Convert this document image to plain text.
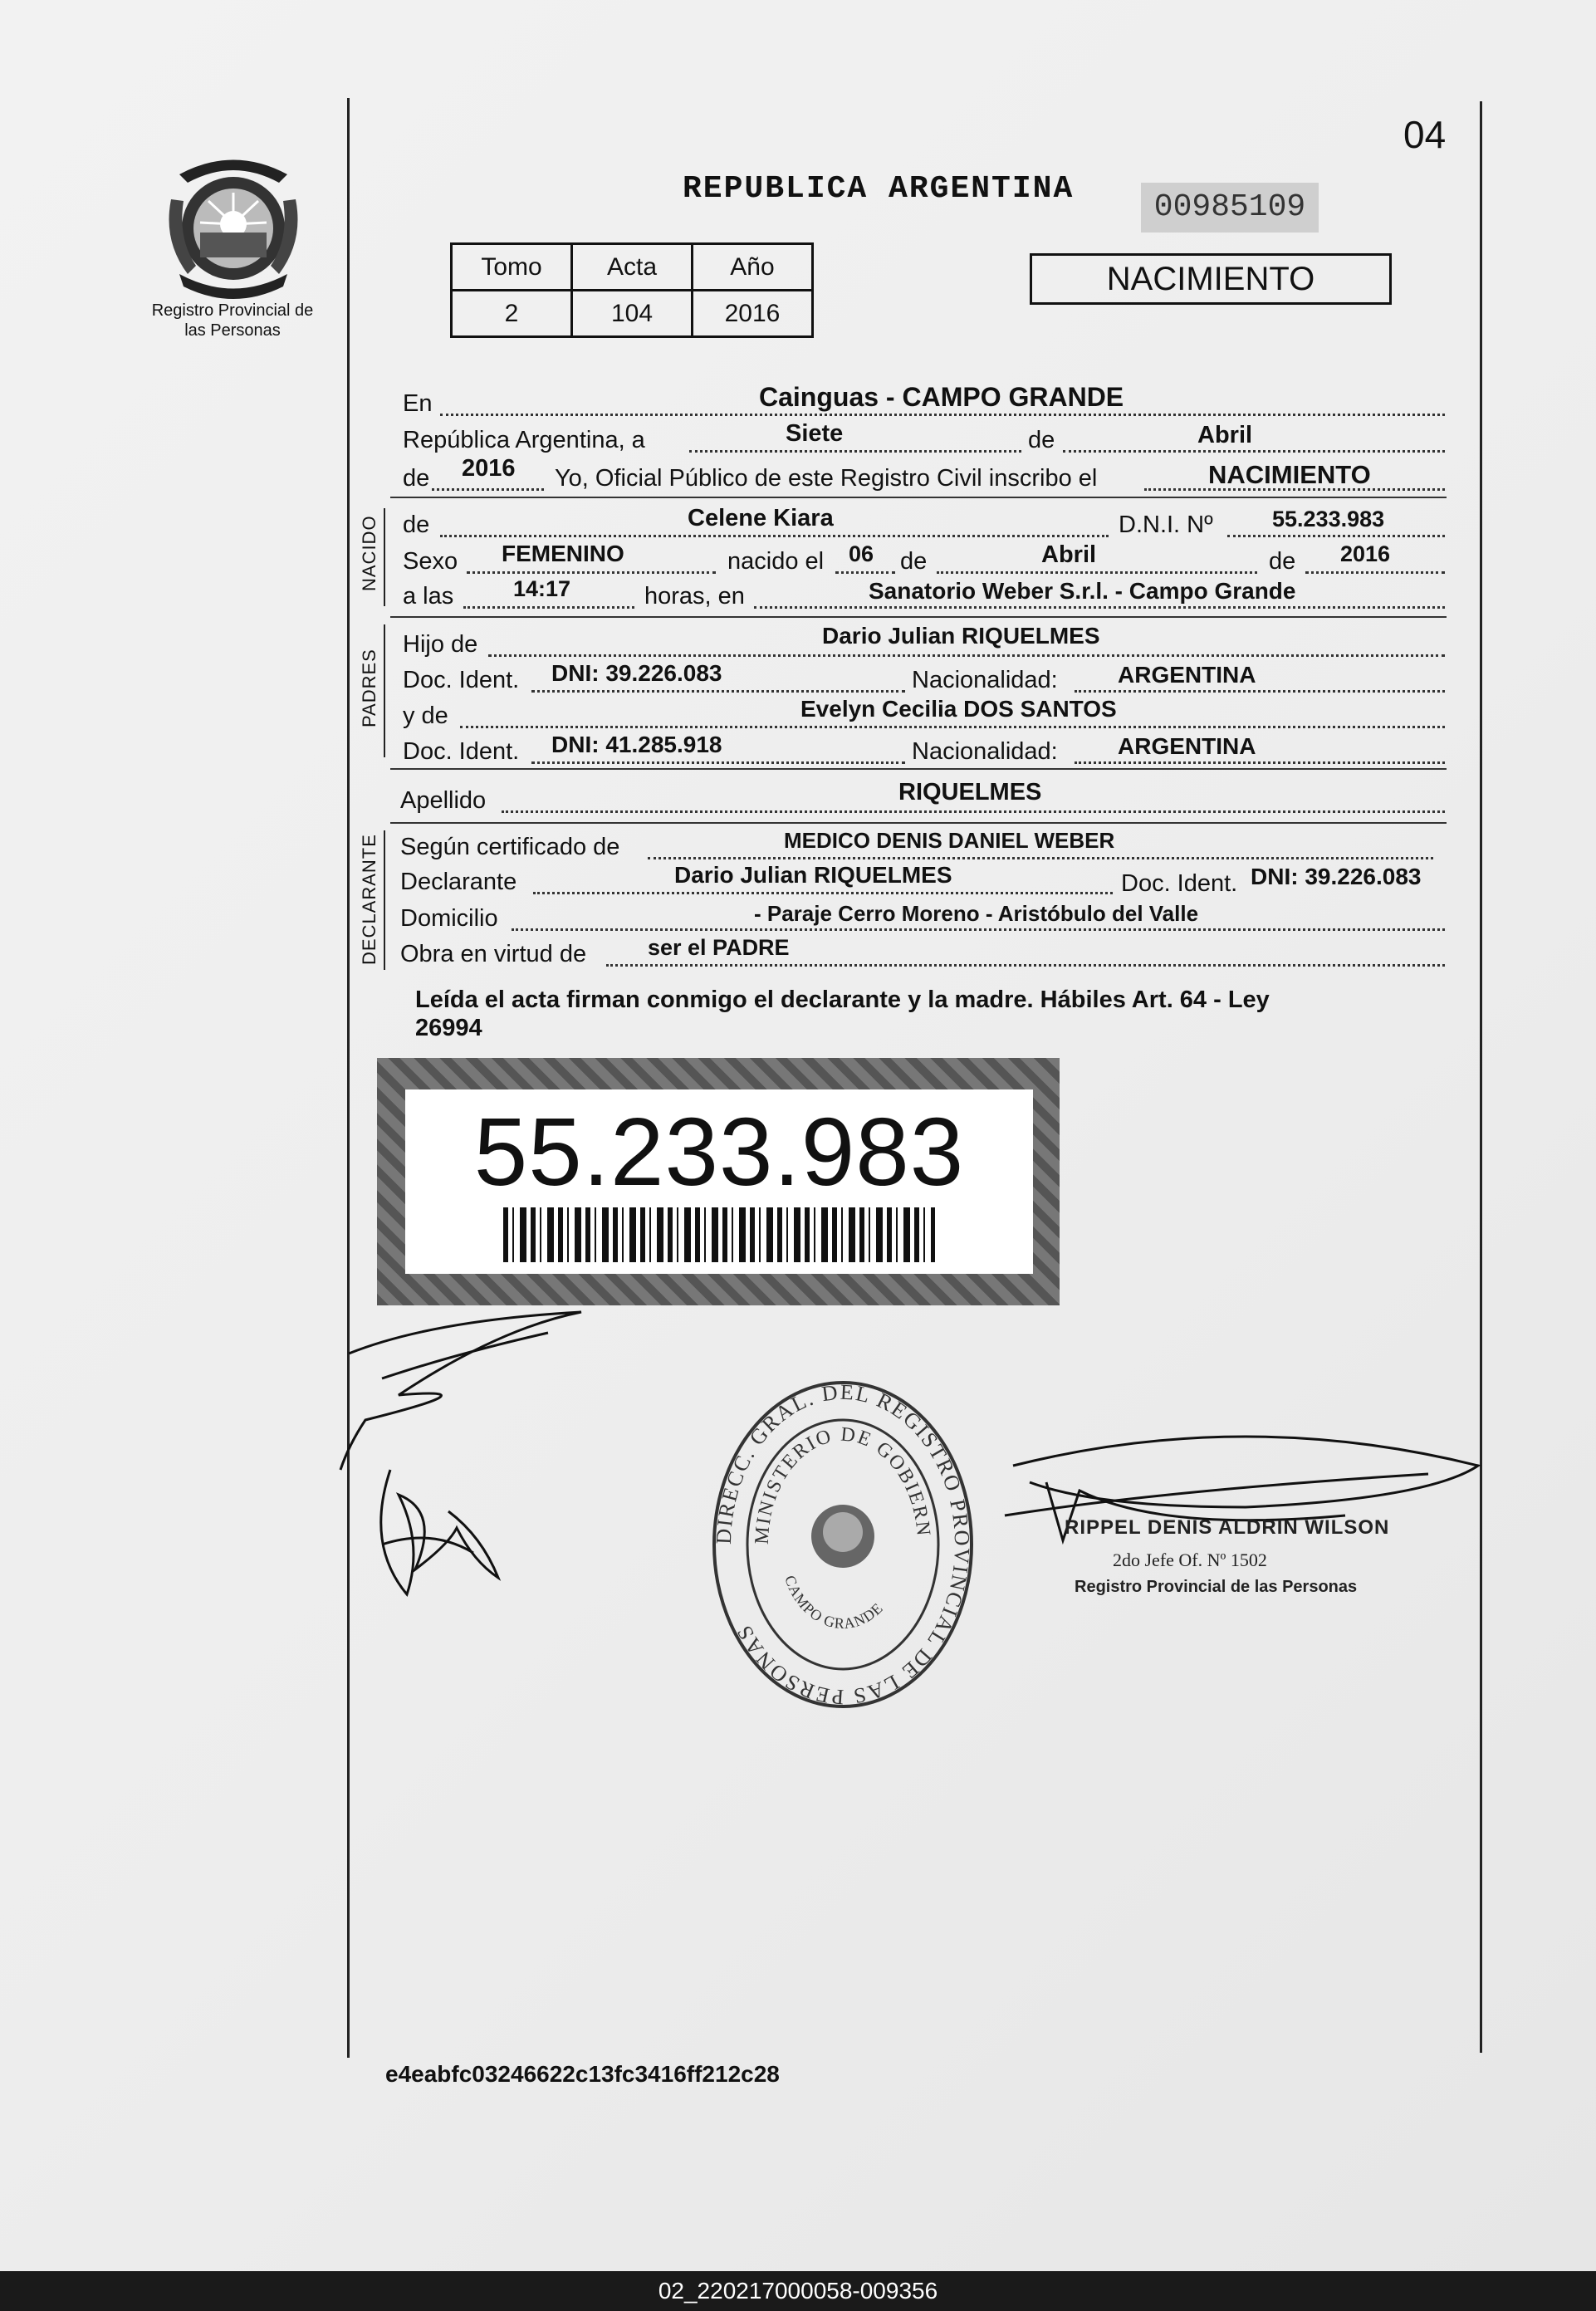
04
Registro Provincial de las Personas
REPUBLICA ARGENTINA
00985109
Tomo	Acta	Año
2	104	2016
NACIMIENTO
En	Cainguas - CAMPO GRANDE
República Argentina, a	Siete	de	Abril
de 2016 Yo, Oficial Público de este Registro Civil inscribo el	NACIMIENTO
NACIDO de	Celene Kiara	D.N.I. Nº	55.233.983
Sexo FEMENINO	nacido el 06 de	Abril	de 2016
a las	14:17	horas, en	Sanatorio Weber S.r.l. - Campo Grande
PADRES
Hijo de	Dario Julian RIQUELMES
Doc. Ident. DNI: 39.226.083	Nacionalidad:	ARGENTINA
y de	Evelyn Cecilia DOS SANTOS
Doc. Ident. DNI: 41.285.918	Nacionalidad:	ARGENTINA
Apellido	RIQUELMES
DECLARANTE Según certificado de	MEDICO DENIS DANIEL WEBER
Declarante	Dario Julian RIQUELMES	Doc. Ident. DNI: 39.226.083
Domicilio	- Paraje Cerro Moreno - Aristóbulo del Valle
Obra en virtud de	ser el PADRE
Leída el acta firman conmigo el declarante y la madre. Hábiles Art. 64 - Ley
26994
55.233.983
DIRECC. GRAL. DEL REGISTRO PROVINCIAL DE LAS PERSONAS
MINISTERIO DE GOBIERN
CAMPO GRANDE
RIPPEL DENIS ALDRIN WILSON
2do Jefe Of. Nº 1502
Registro Provincial de las Personas
e4eabfc03246622c13fc3416ff212c28
02_220217000058-009356
